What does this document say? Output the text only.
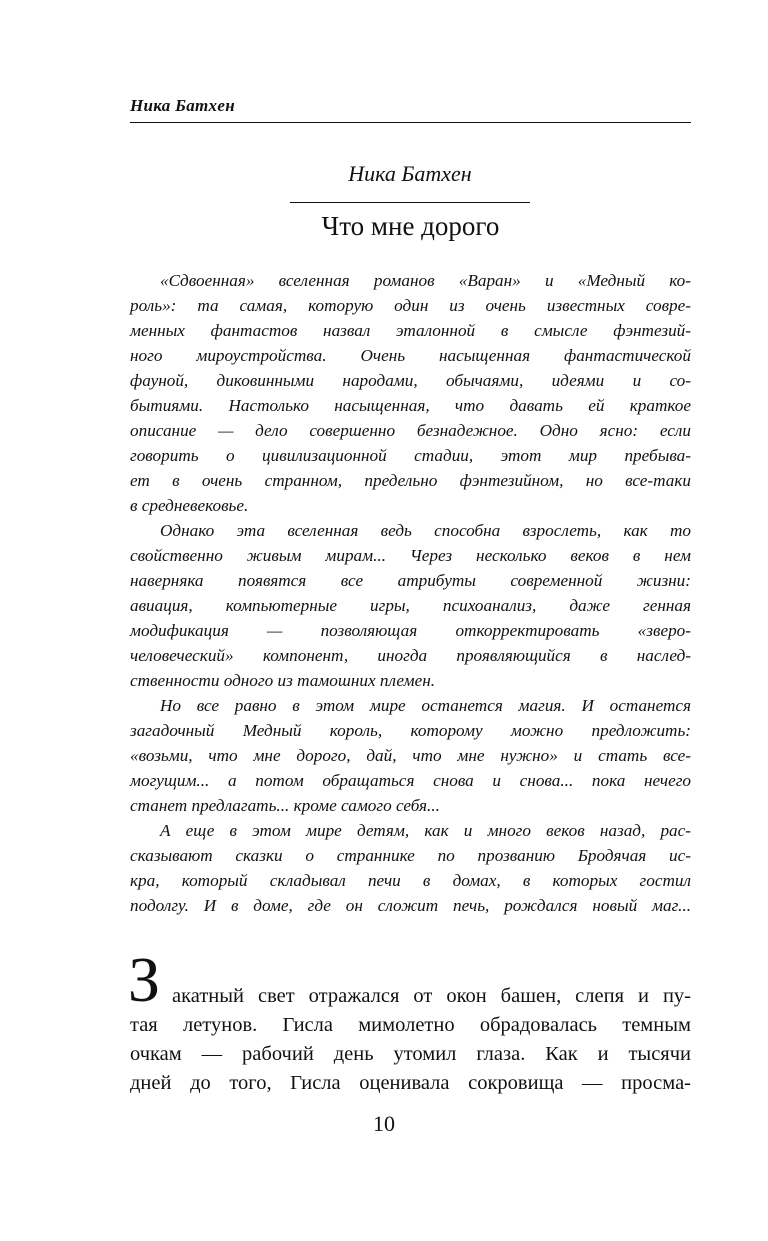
Ника Батхен
Ника Батхен
Что мне дорого
«Сдвоенная» вселенная романов «Варан» и «Медный ко-
роль»: та самая, которую один из очень известных совре-
менных фантастов назвал эталонной в смысле фэнтезий-
ного мироустройства. Очень насыщенная фантастической
фауной, диковинными народами, обычаями, идеями и со-
бытиями. Настолько насыщенная, что давать ей краткое
описание — дело совершенно безнадежное. Одно ясно: если
говорить о цивилизационной стадии, этот мир пребыва-
ет в очень странном, предельно фэнтезийном, но все-таки
в средневековье.
Однако эта вселенная ведь способна взрослеть, как то
свойственно живым мирам... Через несколько веков в нем
наверняка появятся все атрибуты современной жизни:
авиация, компьютерные игры, психоанализ, даже генная
модификация — позволяющая откорректировать «зверо-
человеческий» компонент, иногда проявляющийся в наслед-
ственности одного из тамошних племен.
Но все равно в этом мире останется магия. И останется
загадочный Медный король, которому можно предложить:
«возьми, что мне дорого, дай, что мне нужно» и стать все-
могущим... а потом обращаться снова и снова... пока нечего
станет предлагать... кроме самого себя...
А еще в этом мире детям, как и много веков назад, рас-
сказывают сказки о страннике по прозванию Бродячая ис-
кра, который складывал печи в домах, в которых гостил
подолгу. И в доме, где он сложит печь, рождался новый маг...
З акатный свет отражался от окон башен, слепя и пу-
тая летунов. Гисла мимолетно обрадовалась темным
очкам — рабочий день утомил глаза. Как и тысячи
дней до того, Гисла оценивала сокровища — просма-
10
